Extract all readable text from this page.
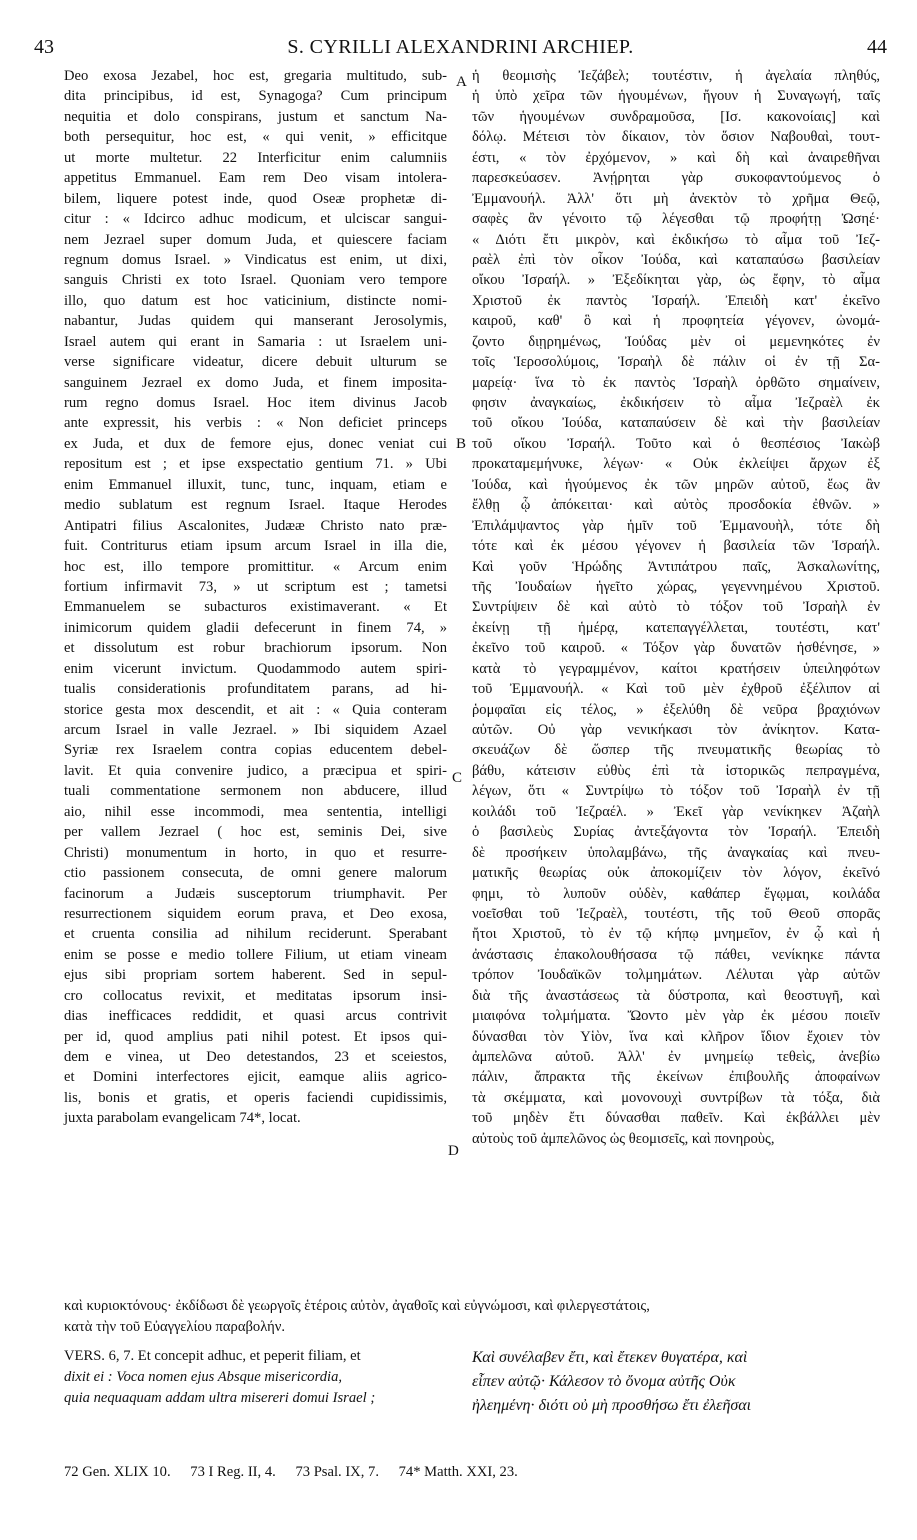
43	S. CYRILLI ALEXANDRINI ARCHIEP.	44
Deo exosa Jezabel, hoc est, gregaria multitudo, sub-
dita principibus, id est, Synagoga? Cum principum
nequitia et dolo conspirans, justum et sanctum Na-
both persequitur, hoc est, « qui venit, » efficitque
ut morte multetur. 22 Interficitur enim calumniis
appetitus Emmanuel. Eam rem Deo visam intolera-
bilem, liquere potest inde, quod Oseæ prophetæ di-
citur : « Idcirco adhuc modicum, et ulciscar sangui-
nem Jezrael super domum Juda, et quiescere faciam
regnum domus Israel. » Vindicatus est enim, ut dixi,
sanguis Christi ex toto Israel. Quoniam vero tempore
illo, quo datum est hoc vaticinium, distincte nomi-
nabantur, Judas quidem qui manserant Jerosolymis,
Israel autem qui erant in Samaria : ut Israelem uni-
verse significare videatur, dicere debuit ulturum se
sanguinem Jezrael ex domo Juda, et finem imposita-
rum regno domus Israel. Hoc item divinus Jacob
ante expressit, his verbis : « Non deficiet princeps
ex Juda, et dux de femore ejus, donec veniat cui
repositum est ; et ipse exspectatio gentium 71. » Ubi
enim Emmanuel illuxit, tunc, tunc, inquam, etiam e
medio sublatum est regnum Israel. Itaque Herodes
Antipatri filius Ascalonites, Judææ Christo nato præ-
fuit. Contriturus etiam ipsum arcum Israel in illa die,
hoc est, illo tempore promittitur. « Arcum enim
fortium infirmavit 73, » ut scriptum est ; tametsi
Emmanuelem se subacturos existimaverant. « Et
inimicorum quidem gladii defecerunt in finem 74, »
et dissolutum est robur brachiorum ipsorum. Non
enim vicerunt invictum. Quodammodo autem spiri-
tualis considerationis profunditatem parans, ad hi-
storice gesta mox descendit, et ait : « Quia conteram
arcum Israel in valle Jezrael. » Ibi siquidem Azael
Syriæ rex Israelem contra copias educentem debel-
lavit. Et quia convenire judico, a præcipua et spiri-
tuali commentatione sermonem non abducere, illud
aio, nihil esse incommodi, mea sententia, intelligi
per vallem Jezrael ( hoc est, seminis Dei, sive
Christi) monumentum in horto, in quo et resurre-
ctio passionem consecuta, de omni genere malorum
facinorum a Judæis susceptorum triumphavit. Per
resurrectionem siquidem eorum prava, et Deo exosa,
et cruenta consilia ad nihilum reciderunt. Sperabant
enim se posse e medio tollere Filium, ut etiam vineam
ejus sibi propriam sortem haberent. Sed in sepul-
cro collocatus revixit, et meditatas ipsorum insi-
dias inefficaces reddidit, et quasi arcus contrivit
per id, quod amplius pati nihil potest. Et ipsos qui-
dem e vinea, ut Deo detestandos, 23 et sceiestos,
et Domini interfectores ejicit, eamque aliis agrico-
lis, bonis et gratis, et operis faciendi cupidissimis,
juxta parabolam evangelicam 74*, locat.
ἡ θεομισὴς Ἰεζάβελ; τουτέστιν, ἡ ἀγελαία πληθύς,
ἡ ὑπὸ χεῖρα τῶν ἡγουμένων, ἤγουν ἡ Συναγωγή, ταῖς
τῶν ἡγουμένων συνδραμοῦσα, [Ισ. κακονοίαις] καὶ
δόλῳ. Μέτεισι τὸν δίκαιον, τὸν ὅσιον Ναβουθαὶ, τουτ-
έστι, « τὸν ἐρχόμενον, » καὶ δὴ καὶ ἀναιρεθῆναι
παρεσκεύασεν. Ἀνῄρηται γὰρ συκοφαντούμενος ὁ
Ἐμμανουήλ. Ἀλλ' ὅτι μὴ ἀνεκτὸν τὸ χρῆμα Θεῷ,
σαφὲς ἂν γένοιτο τῷ λέγεσθαι τῷ προφήτῃ Ὠσηέ·
« Διότι ἔτι μικρὸν, καὶ ἐκδικήσω τὸ αἷμα τοῦ Ἰεζ-
ραὲλ ἐπὶ τὸν οἶκον Ἰούδα, καὶ καταπαύσω βασιλείαν
οἴκου Ἰσραήλ. » Ἐξεδίκηται γὰρ, ὡς ἔφην, τὸ αἷμα
Χριστοῦ ἐκ παντὸς Ἰσραήλ. Ἐπειδὴ κατ' ἐκεῖνο
καιροῦ, καθ' ὃ καὶ ἡ προφητεία γέγονεν, ὠνομά-
ζοντο διῃρημένως, Ἰούδας μὲν οἱ μεμενηκότες ἐν
τοῖς Ἱεροσολύμοις, Ἰσραὴλ δὲ πάλιν οἱ ἐν τῇ Σα-
μαρείᾳ· ἵνα τὸ ἐκ παντὸς Ἰσραὴλ ὀρθῶτο σημαίνειν,
φησιν ἀναγκαίως, ἐκδικήσειν τὸ αἷμα Ἰεζραὲλ ἐκ
τοῦ οἴκου Ἰούδα, καταπαύσειν δὲ καὶ τὴν βασιλείαν
τοῦ οἴκου Ἰσραήλ. Τοῦτο καὶ ὁ θεσπέσιος Ἰακὼβ
προκαταμεμήνυκε, λέγων· « Οὐκ ἐκλείψει ἄρχων ἐξ
Ἰούδα, καὶ ἡγούμενος ἐκ τῶν μηρῶν αὐτοῦ, ἕως ἂν
ἔλθῃ ᾧ ἀπόκειται· καὶ αὐτὸς προσδοκία ἐθνῶν. »
Ἐπιλάμψαντος γὰρ ἡμῖν τοῦ Ἐμμανουὴλ, τότε δὴ
τότε καὶ ἐκ μέσου γέγονεν ἡ βασιλεία τῶν Ἰσραήλ.
Καὶ γοῦν Ἡρώδης Ἀντιπάτρου παῖς, Ἀσκαλωνίτης,
τῆς Ἰουδαίων ἡγεῖτο χώρας, γεγεννημένου Χριστοῦ.
Συντρίψειν δὲ καὶ αὐτὸ τὸ τόξον τοῦ Ἰσραὴλ ἐν
ἐκείνῃ τῇ ἡμέρᾳ, κατεπαγγέλλεται, τουτέστι, κατ'
ἐκεῖνο τοῦ καιροῦ. « Τόξον γὰρ δυνατῶν ἠσθένησε, »
κατὰ τὸ γεγραμμένον, καίτοι κρατήσειν ὑπειληφότων
τοῦ Ἐμμανουήλ. « Καὶ τοῦ μὲν ἐχθροῦ ἐξέλιπον αἱ
ῥομφαῖαι εἰς τέλος, » ἐξελύθη δὲ νεῦρα βραχιόνων
αὐτῶν. Οὐ γὰρ νενικήκασι τὸν ἀνίκητον. Κατα-
σκευάζων δὲ ὥσπερ τῆς πνευματικῆς θεωρίας τὸ
βάθυ, κάτεισιν εὐθὺς ἐπὶ τὰ ἱστορικῶς πεπραγμένα,
λέγων, ὅτι « Συντρίψω τὸ τόξον τοῦ Ἰσραὴλ ἐν τῇ
κοιλάδι τοῦ Ἰεζραέλ. » Ἐκεῖ γὰρ νενίκηκεν Ἀζαὴλ
ὁ βασιλεὺς Συρίας ἀντεξάγοντα τὸν Ἰσραήλ. Ἐπειδὴ
δὲ προσήκειν ὑπολαμβάνω, τῆς ἀναγκαίας καὶ πνευ-
ματικῆς θεωρίας οὐκ ἀποκομίζειν τὸν λόγον, ἐκεῖνό
φημι, τὸ λυποῦν οὐδὲν, καθάπερ ἔγῳμαι, κοιλάδα
νοεῖσθαι τοῦ Ἰεζραὲλ, τουτέστι, τῆς τοῦ Θεοῦ σπορᾶς
ἤτοι Χριστοῦ, τὸ ἐν τῷ κήπῳ μνημεῖον, ἐν ᾧ καὶ ἡ
ἀνάστασις ἐπακολουθήσασα τῷ πάθει, νενίκηκε πάντα
τρόπον Ἰουδαϊκῶν τολμημάτων. Λέλυται γὰρ αὐτῶν
διὰ τῆς ἀναστάσεως τὰ δύστροπα, καὶ θεοστυγῆ, καὶ
μιαιφόνα τολμήματα. Ὤοντο μὲν γὰρ ἐκ μέσου ποιεῖν
δύνασθαι τὸν Υἱὸν, ἵνα καὶ κλῆρον ἴδιον ἔχοιεν τὸν
ἀμπελῶνα αὐτοῦ. Ἀλλ' ἐν μνημείῳ τεθεὶς, ἀνεβίω
πάλιν, ἄπρακτα τῆς ἐκείνων ἐπιβουλῆς ἀποφαίνων
τὰ σκέμματα, καὶ μονονουχὶ συντρίβων τὰ τόξα, διὰ
τοῦ μηδὲν ἔτι δύνασθαι παθεῖν. Καὶ ἐκβάλλει μὲν
αὐτοὺς τοῦ ἀμπελῶνος ὡς θεομισεῖς, καὶ πονηροὺς,
A
B
C
D
καὶ κυριοκτόνους· ἐκδίδωσι δὲ γεωργοῖς ἑτέροις αὐτὸν, ἀγαθοῖς καὶ εὐγνώμοσι, καὶ φιλεργεστάτοις,
κατὰ τὴν τοῦ Εὐαγγελίου παραβολήν.
VERS. 6, 7. Et concepit adhuc, et peperit filiam, et
dixit ei : Voca nomen ejus Absque misericordia,
quia nequaquam addam ultra misereri domui Israel ;
Καὶ συνέλαβεν ἔτι, καὶ ἔτεκεν θυγατέρα, καὶ
εἶπεν αὐτῷ· Κάλεσον τὸ ὄνομα αὐτῆς Οὐκ
ἠλεημένη· διότι οὐ μὴ προσθήσω ἔτι ἐλεῆσαι
72 Gen. XLIX 10. 73 I Reg. II, 4. 73 Psal. IX, 7. 74* Matth. XXI, 23.
